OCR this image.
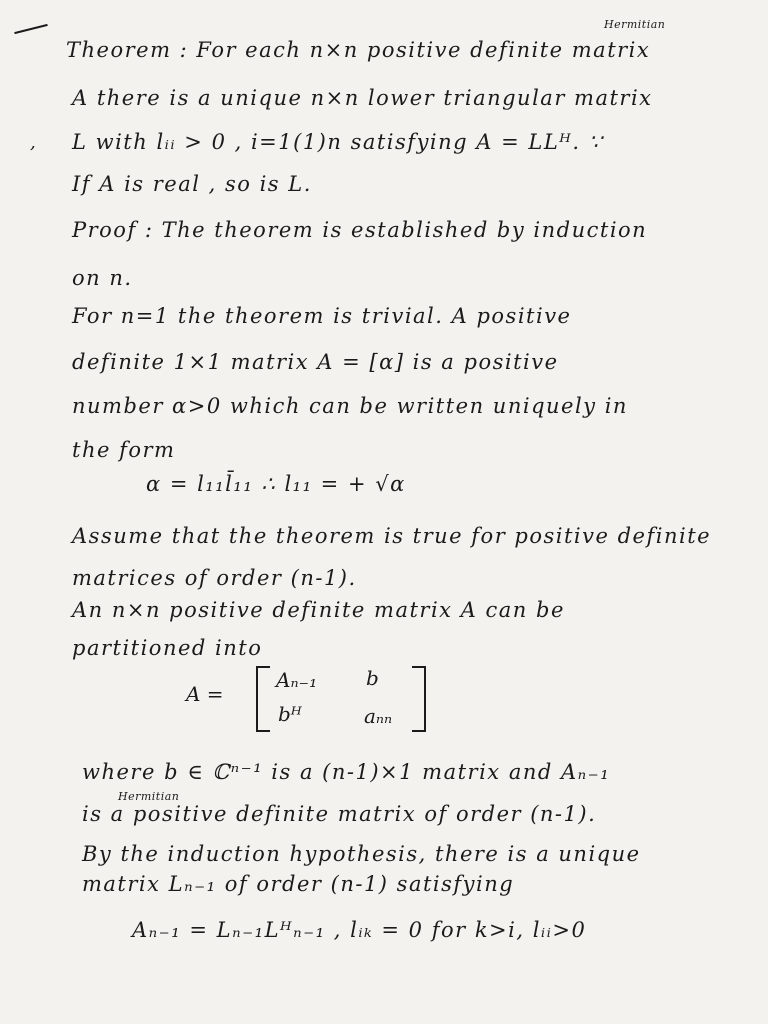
,
Hermitian
Theorem : For each n×n positive definite matrix
A there is a unique n×n lower triangular matrix
L with lᵢᵢ > 0 , i=1(1)n satisfying A = LLᴴ. ∵
If A is real , so is L.
Proof : The theorem is established by induction
on n.
For n=1 the theorem is trivial. A positive
definite 1×1 matrix A = [α] is a positive
number α>0 which can be written uniquely in
the form
α = l₁₁l̄₁₁ ∴ l₁₁ = + √α
Assume that the theorem is true for positive definite
matrices of order (n-1).
An n×n positive definite matrix A can be
partitioned into
A =
Aₙ₋₁ b
bᴴ	aₙₙ
where b ∈ ℂⁿ⁻¹ is a (n-1)×1 matrix and Aₙ₋₁
Hermitian
is a positive definite matrix of order (n-1).
By the induction hypothesis, there is a unique
matrix Lₙ₋₁ of order (n-1) satisfying
Aₙ₋₁ = Lₙ₋₁Lᴴₙ₋₁ , lᵢₖ = 0 for k>i, lᵢᵢ>0
